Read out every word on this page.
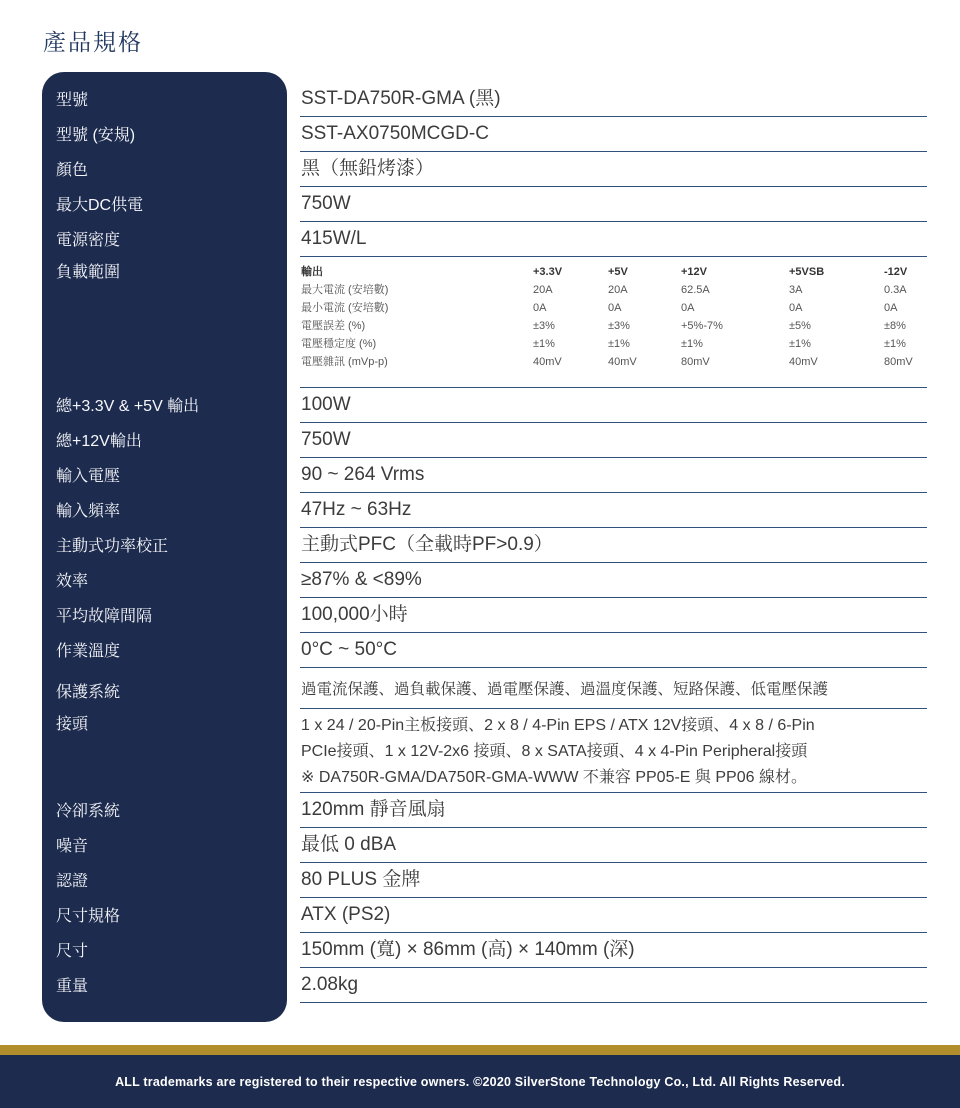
產品規格
型號	SST-DA750R-GMA (黑)
型號 (安規)	SST-AX0750MCGD-C
顏色	黑（無鉛烤漆）
最大DC供電	750W
電源密度	415W/L
負載範圍	輸出	+3.3V	+5V	+12V	+5VSB	-12V
最大電流 (安培數)	20A	20A	62.5A	3A	0.3A
最小電流 (安培數)	0A	0A	0A	0A	0A
電壓誤差 (%)	±3%	±3%	+5%-7%	±5%	±8%
電壓穩定度 (%)	±1%	±1%	±1%	±1%	±1%
電壓雜訊 (mVp-p)	40mV	40mV	80mV	40mV	80mV
總+3.3V & +5V 輸出	100W
總+12V輸出	750W
輸入電壓	90 ~ 264 Vrms
輸入頻率	47Hz ~ 63Hz
主動式功率校正	主動式PFC（全載時PF>0.9）
效率	≥87% & <89%
平均故障間隔	100,000小時
作業溫度	0°C ~ 50°C
保護系統	過電流保護、過負載保護、過電壓保護、過溫度保護、短路保護、低電壓保護
接頭	1 x 24 / 20-Pin主板接頭、2 x 8 / 4-Pin EPS / ATX 12V接頭、4 x 8 / 6-Pin
PCIe接頭、1 x 12V-2x6 接頭、8 x SATA接頭、4 x 4-Pin Peripheral接頭
※ DA750R-GMA/DA750R-GMA-WWW 不兼容 PP05-E 與 PP06 線材。
冷卻系統	120mm 靜音風扇
噪音	最低 0 dBA
認證	80 PLUS 金牌
尺寸規格	ATX (PS2)
尺寸	150mm (寬) × 86mm (高) × 140mm (深)
重量	2.08kg
ALL trademarks are registered to their respective owners. ©2020 SilverStone Technology Co., Ltd. All Rights Reserved.
